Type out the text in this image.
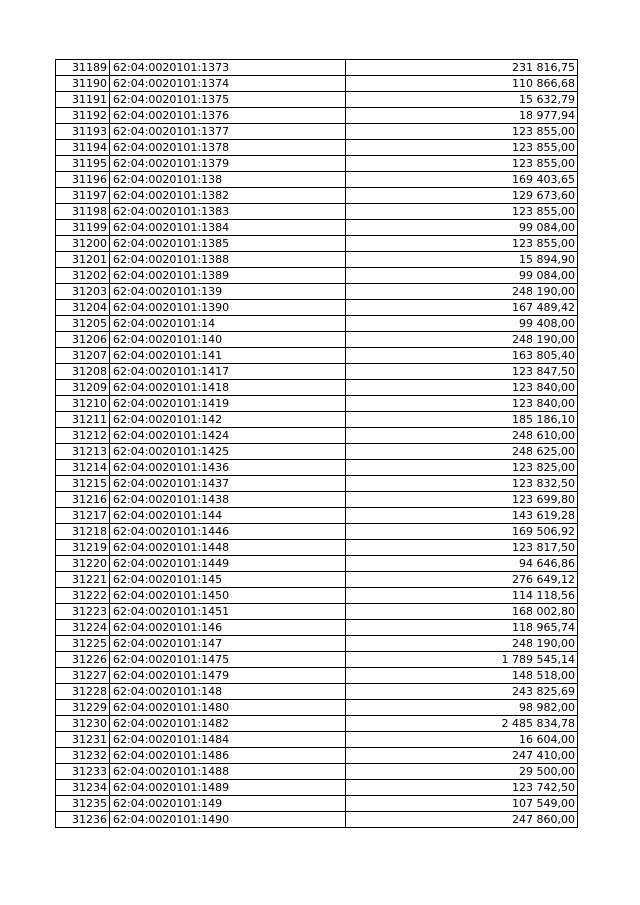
31189	62:04:0020101:1373	231 816,75
31190	62:04:0020101:1374	110 866,68
31191	62:04:0020101:1375	15 632,79
31192	62:04:0020101:1376	18 977,94
31193	62:04:0020101:1377	123 855,00
31194	62:04:0020101:1378	123 855,00
31195	62:04:0020101:1379	123 855,00
31196	62:04:0020101:138	169 403,65
31197	62:04:0020101:1382	129 673,60
31198	62:04:0020101:1383	123 855,00
31199	62:04:0020101:1384	99 084,00
31200	62:04:0020101:1385	123 855,00
31201	62:04:0020101:1388	15 894,90
31202	62:04:0020101:1389	99 084,00
31203	62:04:0020101:139	248 190,00
31204	62:04:0020101:1390	167 489,42
31205	62:04:0020101:14	99 408,00
31206	62:04:0020101:140	248 190,00
31207	62:04:0020101:141	163 805,40
31208	62:04:0020101:1417	123 847,50
31209	62:04:0020101:1418	123 840,00
31210	62:04:0020101:1419	123 840,00
31211	62:04:0020101:142	185 186,10
31212	62:04:0020101:1424	248 610,00
31213	62:04:0020101:1425	248 625,00
31214	62:04:0020101:1436	123 825,00
31215	62:04:0020101:1437	123 832,50
31216	62:04:0020101:1438	123 699,80
31217	62:04:0020101:144	143 619,28
31218	62:04:0020101:1446	169 506,92
31219	62:04:0020101:1448	123 817,50
31220	62:04:0020101:1449	94 646,86
31221	62:04:0020101:145	276 649,12
31222	62:04:0020101:1450	114 118,56
31223	62:04:0020101:1451	168 002,80
31224	62:04:0020101:146	118 965,74
31225	62:04:0020101:147	248 190,00
31226	62:04:0020101:1475	1 789 545,14
31227	62:04:0020101:1479	148 518,00
31228	62:04:0020101:148	243 825,69
31229	62:04:0020101:1480	98 982,00
31230	62:04:0020101:1482	2 485 834,78
31231	62:04:0020101:1484	16 604,00
31232	62:04:0020101:1486	247 410,00
31233	62:04:0020101:1488	29 500,00
31234	62:04:0020101:1489	123 742,50
31235	62:04:0020101:149	107 549,00
31236	62:04:0020101:1490	247 860,00
